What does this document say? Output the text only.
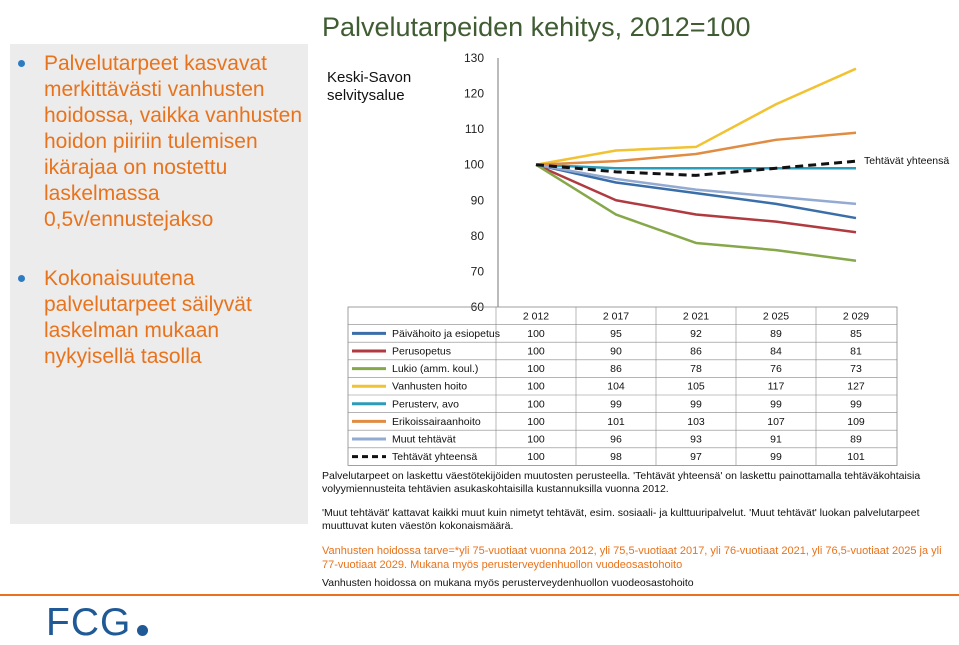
Palvelutarpeet kasvavat merkittävästi vanhusten hoidossa, vaikka vanhusten hoidon piiriin tulemisen ikärajaa on nostettu laskelmassa 0,5v/ennustejakso
Kokonaisuutena palvelutarpeet säilyvät laskelman mukaan nykyisellä tasolla
Palvelutarpeiden kehitys, 2012=100
60
70
80
90
100
110
120
130
Tehtävät yhteensä
2 012	2 017	2 021	2 025	2 029
Päivähoito ja esiopetus	100	95	92	89	85
Perusopetus	100	90	86	84	81
Lukio (amm. koul.)	100	86	78	76	73
Vanhusten hoito	100	104	105	117	127
Perusterv, avo	100	99	99	99	99
Erikoissairaanhoito	100	101	103	107	109
Muut tehtävät	100	96	93	91	89
Tehtävät yhteensä	100	98	97	99	101
Keski-Savon selvitysalue
Palvelutarpeet on laskettu väestötekijöiden muutosten perusteella. 'Tehtävät yhteensä' on laskettu painottamalla tehtäväkohtaisia volyymiennusteita tehtävien asukaskohtaisilla kustannuksilla vuonna 2012.
'Muut tehtävät' kattavat kaikki muut kuin nimetyt tehtävät, esim. sosiaali- ja kulttuuripalvelut. 'Muut tehtävät' luokan palvelutarpeet muuttuvat kuten väestön kokonaismäärä.
Vanhusten hoidossa tarve=*yli 75-vuotiaat vuonna 2012, yli 75,5-vuotiaat 2017, yli 76-vuotiaat 2021, yli 76,5-vuotiaat 2025 ja yli 77-vuotiaat 2029. Mukana myös perusterveydenhuollon vuodeosastohoito
Vanhusten hoidossa on mukana myös perusterveydenhuollon vuodeosastohoito
FCG
